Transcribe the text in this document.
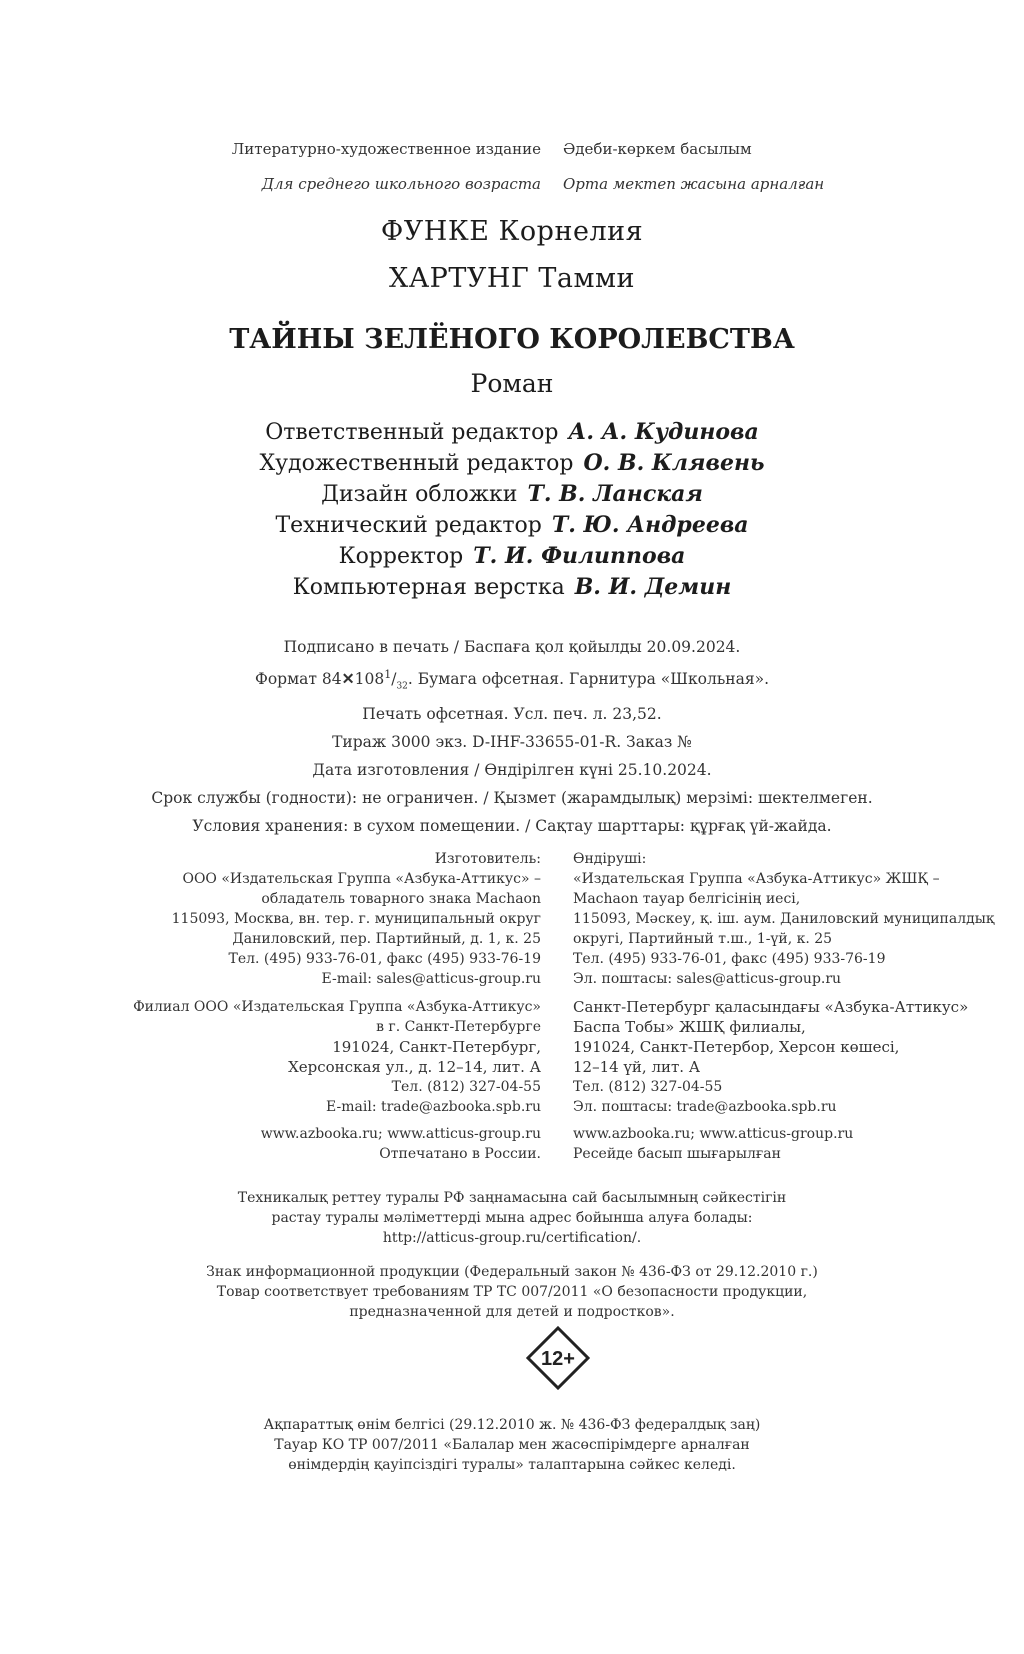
Литературно-художественное издание	Әдеби-көркем басылым
Для среднего школьного возраста	Орта мектеп жасына арналған
ФУНКЕ Корнелия
ХАРТУНГ Тамми
ТАЙНЫ ЗЕЛЁНОГО КОРОЛЕВСТВА
Роман
Ответственный редактор А. А. Кудинова
Художественный редактор О. В. Клявень
Дизайн обложки Т. В. Ланская
Технический редактор Т. Ю. Андреева
Корректор Т. И. Филиппова
Компьютерная верстка В. И. Демин
Подписано в печать / Баспаға қол қойылды 20.09.2024.
Формат $84✕108^1/_{32}$. Бумага офсетная. Гарнитура «Школьная».
Печать офсетная. Усл. печ. л. 23,52.
Тираж 3000 экз. D-IHF-33655-01-R. Заказ №
Дата изготовления / Өндірілген күні 25.10.2024.
Срок службы (годности): не ограничен. / Қызмет (жарамдылық) мерзімі: шектелмеген.
Условия хранения: в сухом помещении. / Сақтау шарттары: құрғақ үй-жайда.
Изготовитель:
ООО «Издательская Группа «Азбука-Аттикус» –
обладатель товарного знака Machaon
115093, Москва, вн. тер. г. муниципальный округ
Даниловский, пер. Партийный, д. 1, к. 25
Тел. (495) 933-76-01, факс (495) 933-76-19
E-mail: sales@atticus-group.ru
Өндіруші:
«Издательская Группа «Азбука-Аттикус» ЖШҚ –
Machaon тауар белгісінің иесі,
115093, Мәскеу, қ. іш. аум. Даниловский муниципалдық
округі, Партийный т.ш., 1-үй, к. 25
Тел. (495) 933-76-01, факс (495) 933-76-19
Эл. поштасы: sales@atticus-group.ru
Филиал ООО «Издательская Группа «Азбука-Аттикус»
в г. Санкт-Петербурге
191024, Санкт-Петербург,
Херсонская ул., д. 12–14, лит. А
Тел. (812) 327-04-55
E-mail: trade@azbooka.spb.ru
Санкт-Петербург қаласындағы «Азбука-Аттикус»
Баспа Тобы» ЖШҚ филиалы,
191024, Санкт-Петербор, Херсон көшесі,
12–14 үй, лит. А
Тел. (812) 327-04-55
Эл. поштасы: trade@azbooka.spb.ru
www.azbooka.ru; www.atticus-group.ru
Отпечатано в России.
www.azbooka.ru; www.atticus-group.ru
Ресейде басып шығарылған
Техникалық реттеу туралы РФ заңнамасына сай басылымның сәйкестігін
растау туралы мәліметтерді мына адрес бойынша алуға болады:
http://atticus-group.ru/certification/.
Знак информационной продукции (Федеральный закон № 436-ФЗ от 29.12.2010 г.)
Товар соответствует требованиям ТР ТС 007/2011 «О безопасности продукции,
предназначенной для детей и подростков».
12+
Ақпараттық өнім белгісі (29.12.2010 ж. № 436-ФЗ федералдық заң)
Тауар КО ТР 007/2011 «Балалар мен жасөспірімдерге арналған
өнімдердің қауіпсіздігі туралы» талаптарына сәйкес келеді.
